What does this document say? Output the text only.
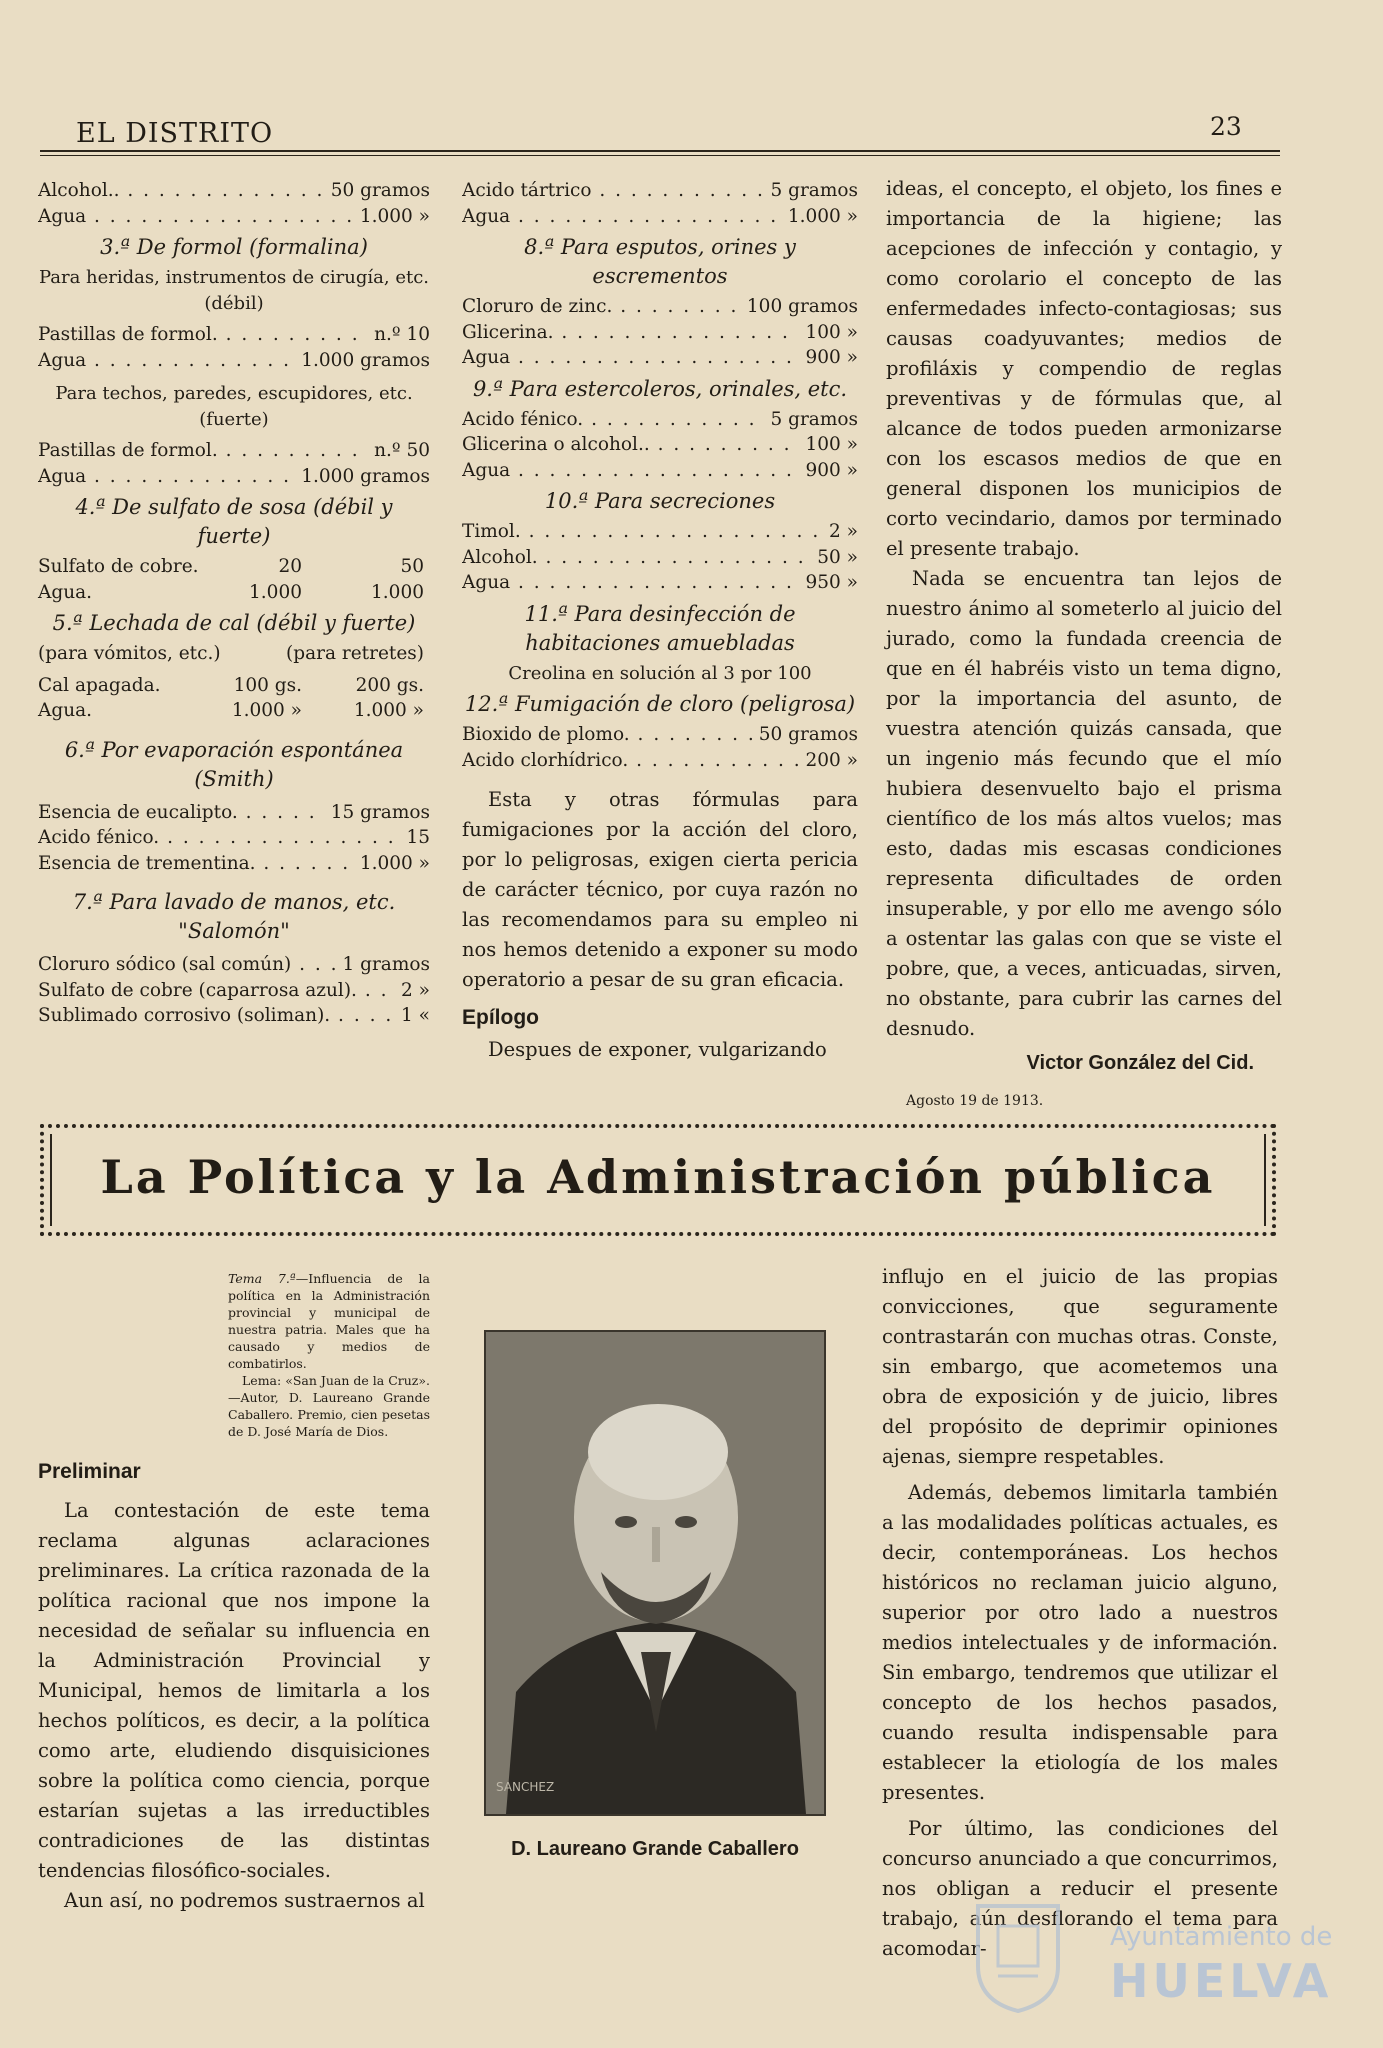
EL DISTRITO	23
Alcohol.. . . .	50 gramos
Agua . . .	1.000 »
3.ª De formol (formalina)
Para heridas, instrumentos de cirugía, etc. (débil)
Pastillas de formol. . . .	n.º 10
Agua . . .	1.000 gramos
Para techos, paredes, escupidores, etc. (fuerte)
Pastillas de formol. . . .	n.º 50
Agua . . .	1.000 gramos
4.ª De sulfato de sosa (débil y fuerte)
Sulfato de cobre.	20	50
Agua.	1.000	1.000
5.ª Lechada de cal (débil y fuerte)
(para vómitos, etc.)	(para retretes)
Cal apagada.	100 gs.	200 gs.
Agua.	1.000 »	1.000 »
6.ª Por evaporación espontánea (Smith)
Esencia de eucalipto. . . .	15 gramos
Acido fénico. . . .	15
Esencia de trementina. . . .	1.000 »
7.ª Para lavado de manos, etc. "Salomón"
Cloruro sódico (sal común) . . .	1 gramos
Sulfato de cobre (caparrosa azul). . . .	2 »
Sublimado corrosivo (soliman). . . .	1 «
Acido tártrico . . .	5 gramos
Agua . . .	1.000 »
8.ª Para esputos, orines y escrementos
Cloruro de zinc. . . .	100 gramos
Glicerina. . . .	100 »
Agua . . .	900 »
9.ª Para estercoleros, orinales, etc.
Acido fénico. . . .	5 gramos
Glicerina o alcohol.. . . .	100 »
Agua . . .	900 »
10.ª Para secreciones
Timol. . . .	2 »
Alcohol. . . .	50 »
Agua . . .	950 »
11.ª Para desinfección de habitaciones amuebladas
Creolina en solución al 3 por 100
12.ª Fumigación de cloro (peligrosa)
Bioxido de plomo. . . .	50 gramos
Acido clorhídrico. . . .	200 »

Esta y otras fórmulas para fumigaciones por la acción del cloro, por lo peligrosas, exigen cierta pericia de carácter técnico, por cuya razón no las recomendamos para su empleo ni nos hemos detenido a exponer su modo operatorio a pesar de su gran eficacia.

Epílogo

Despues de exponer, vulgarizando

ideas, el concepto, el objeto, los fines e importancia de la higiene; las acepciones de infección y contagio, y como corolario el concepto de las enfermedades infecto-contagiosas; sus causas coadyuvantes; medios de profiláxis y compendio de reglas preventivas y de fórmulas que, al alcance de todos pueden armonizarse con los escasos medios de que en general disponen los municipios de corto vecindario, damos por terminado el presente trabajo.

Nada se encuentra tan lejos de nuestro ánimo al someterlo al juicio del jurado, como la fundada creencia de que en él habréis visto un tema digno, por la importancia del asunto, de vuestra atención quizás cansada, que un ingenio más fecundo que el mío hubiera desenvuelto bajo el prisma científico de los más altos vuelos; mas esto, dadas mis escasas condiciones representa dificultades de orden insuperable, y por ello me avengo sólo a ostentar las galas con que se viste el pobre, que, a veces, anticuadas, sirven, no obstante, para cubrir las carnes del desnudo.

Victor González del Cid.
Agosto 19 de 1913.
La Política y la Administración pública
Tema 7.ª—Influencia de la política en la Administración provincial y municipal de nuestra patria. Males que ha causado y medios de combatirlos.
Lema: «San Juan de la Cruz». —Autor, D. Laureano Grande Caballero. Premio, cien pesetas de D. José María de Dios.
Preliminar

La contestación de este tema reclama algunas aclaraciones preliminares. La crítica razonada de la política racional que nos impone la necesidad de señalar su influencia en la Administración Provincial y Municipal, hemos de limitarla a los hechos políticos, es decir, a la política como arte, eludiendo disquisiciones sobre la política como ciencia, porque estarían sujetas a las irreductibles contradiciones de las distintas tendencias filosófico-sociales.

Aun así, no podremos sustraernos al

SANCHEZ
D. Laureano Grande Caballero

influjo en el juicio de las propias convicciones, que seguramente contrastarán con muchas otras. Conste, sin embargo, que acometemos una obra de exposición y de juicio, libres del propósito de deprimir opiniones ajenas, siempre respetables.

Además, debemos limitarla también a las modalidades políticas actuales, es decir, contemporáneas. Los hechos históricos no reclaman juicio alguno, superior por otro lado a nuestros medios intelectuales y de información. Sin embargo, tendremos que utilizar el concepto de los hechos pasados, cuando resulta indispensable para establecer la etiología de los males presentes.

Por último, las condiciones del concurso anunciado a que concurrimos, nos obligan a reducir el presente trabajo, aún desflorando el tema para acomodar-	Ayuntamiento de
HUELVA
